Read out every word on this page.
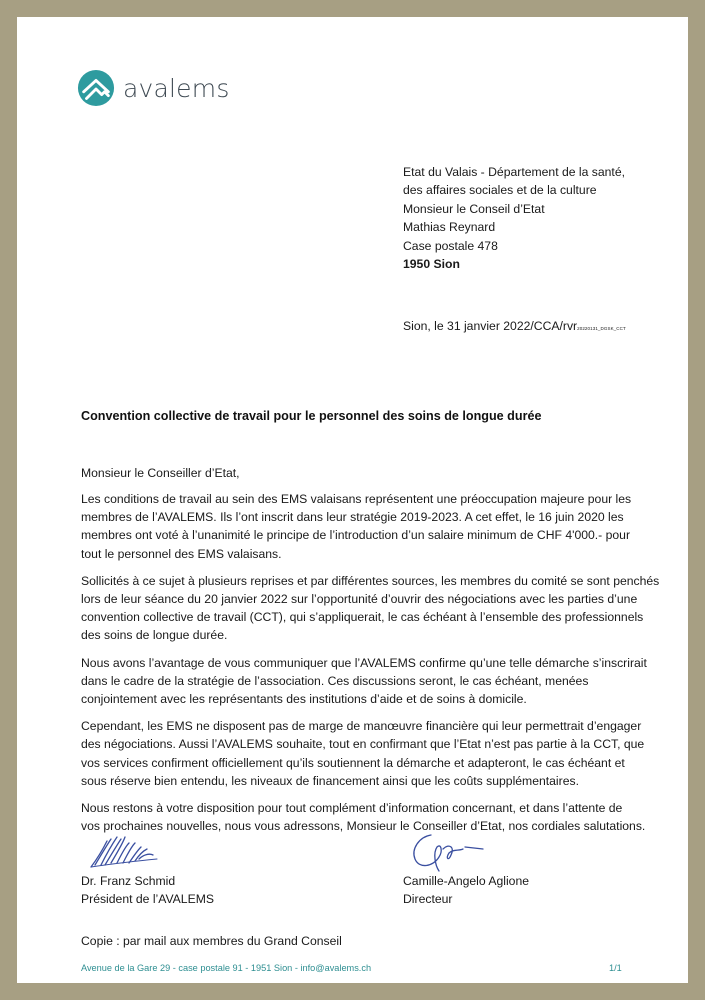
avalems
Etat du Valais - Département de la santé,
des affaires sociales et de la culture
Monsieur le Conseil d’Etat
Mathias Reynard
Case postale 478
1950 Sion
Sion, le 31 janvier 2022/CCA/rvr20220131_DGSK_CCT
Convention collective de travail pour le personnel des soins de longue durée
Monsieur le Conseiller d’Etat,

Les conditions de travail au sein des EMS valaisans représentent une préoccupation majeure pour les
membres de l’AVALEMS. Ils l’ont inscrit dans leur stratégie 2019-2023. A cet effet, le 16 juin 2020 les
membres ont voté à l’unanimité le principe de l’introduction d’un salaire minimum de CHF 4'000.- pour
tout le personnel des EMS valaisans.

Sollicités à ce sujet à plusieurs reprises et par différentes sources, les membres du comité se sont penchés
lors de leur séance du 20 janvier 2022 sur l’opportunité d’ouvrir des négociations avec les parties d’une
convention collective de travail (CCT), qui s’appliquerait, le cas échéant à l’ensemble des professionnels
des soins de longue durée.

Nous avons l’avantage de vous communiquer que l’AVALEMS confirme qu’une telle démarche s’inscrirait
dans le cadre de la stratégie de l’association. Ces discussions seront, le cas échéant, menées
conjointement avec les représentants des institutions d’aide et de soins à domicile.

Cependant, les EMS ne disposent pas de marge de manœuvre financière qui leur permettrait d’engager
des négociations. Aussi l’AVALEMS souhaite, tout en confirmant que l’Etat n’est pas partie à la CCT, que
vos services confirment officiellement qu’ils soutiennent la démarche et adapteront, le cas échéant et
sous réserve bien entendu, les niveaux de financement ainsi que les coûts supplémentaires.

Nous restons à votre disposition pour tout complément d’information concernant, et dans l’attente de
vos prochaines nouvelles, nous vous adressons, Monsieur le Conseiller d’Etat, nos cordiales salutations.

Dr. Franz Schmid
Président de l’AVALEMS
Camille-Angelo Aglione
Directeur
Copie : par mail aux membres du Grand Conseil
Avenue de la Gare 29 - case postale 91 - 1951 Sion - info@avalems.ch	1/1
